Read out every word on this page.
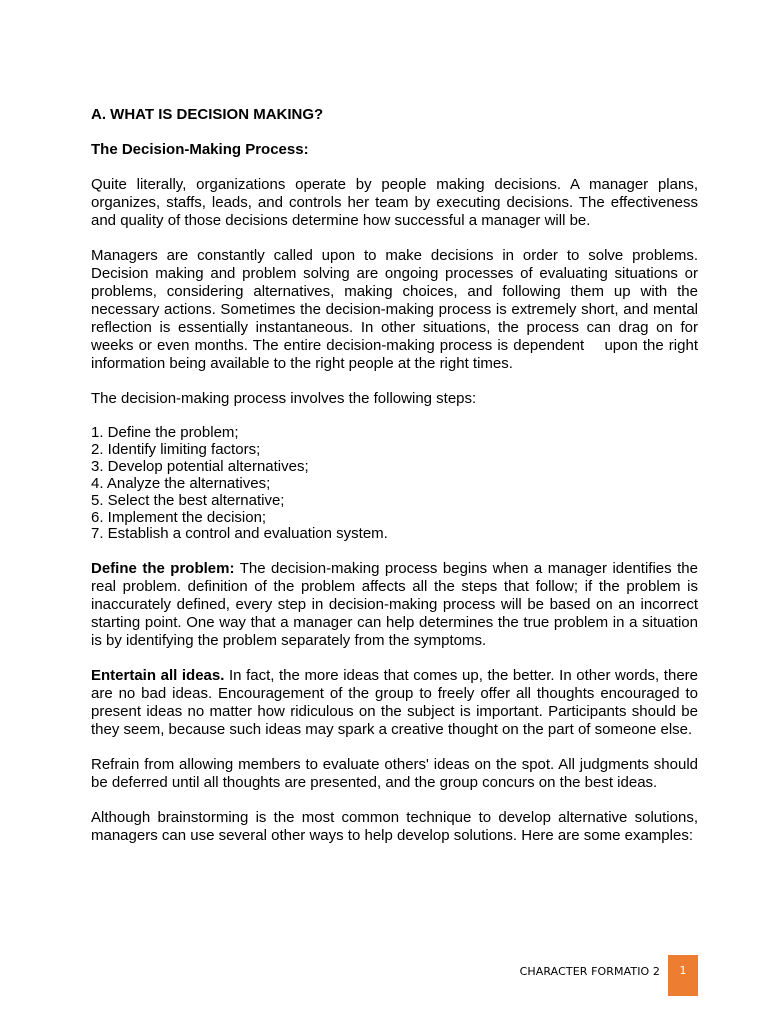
A. WHAT IS DECISION MAKING?

The Decision-Making Process:

Quite literally, organizations operate by people making decisions. A manager plans, organizes, staffs, leads, and controls her team by executing decisions. The effectiveness and quality of those decisions determine how successful a manager will be.

Managers are constantly called upon to make decisions in order to solve problems. Decision making and problem solving are ongoing processes of evaluating situations or problems, considering alternatives, making choices, and following them up with the necessary actions. Sometimes the decision-making process is extremely short, and mental reflection is essentially instantaneous. In other situations, the process can drag on for weeks or even months. The entire decision-making process is dependent    upon the right information being available to the right people at the right times.

The decision-making process involves the following steps:

1. Define the problem;
2. Identify limiting factors;
3. Develop potential alternatives;
4. Analyze the alternatives;
5. Select the best alternative;
6. Implement the decision;
7. Establish a control and evaluation system.

Define the problem: The decision-making process begins when a manager identifies the real problem. definition of the problem affects all the steps that follow; if the problem is inaccurately defined, every step in decision-making process will be based on an incorrect starting point. One way that a manager can help determines the true problem in a situation is by identifying the problem separately from the symptoms.

Entertain all ideas. In fact, the more ideas that comes up, the better. In other words, there are no bad ideas. Encouragement of the group to freely offer all thoughts encouraged to present ideas no matter how ridiculous on the subject is important. Participants should be they seem, because such ideas may spark a creative thought on the part of someone else.

Refrain from allowing members to evaluate others' ideas on the spot. All judgments should be deferred until all thoughts are presented, and the group concurs on the best ideas.

Although brainstorming is the most common technique to develop alternative solutions, managers can use several other ways to help develop solutions. Here are some examples:

CHARACTER FORMATIO 2	1
